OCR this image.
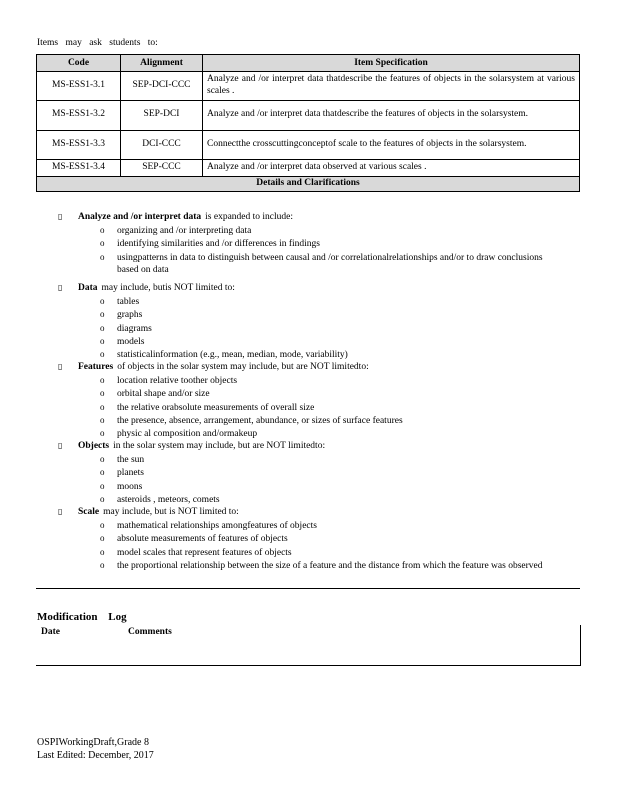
Items may ask students to:
Code	Alignment	Item Specification
MS-ESS1-3.1	SEP-DCI-CCC	Analyze and /or interpret data thatdescribe the features of objects in the solarsystem at various scales .
MS-ESS1-3.2	SEP-DCI	Analyze and /or interpret data thatdescribe the features of objects in the solarsystem.
MS-ESS1-3.3	DCI-CCC	Connectthe crosscuttingconceptof scale to the features of objects in the solarsystem.
MS-ESS1-3.4	SEP-CCC	Analyze and /or interpret data observed at various scales .
Details and Clarifications		
▯	Analyze and /or interpret data is expanded to include:
o	organizing and /or interpreting data
o	identifying similarities and /or differences in findings
o	usingpatterns in data to distinguish between causal and /or correlationalrelationships and/or to draw conclusions based on data
▯	Data may include, butis NOT limited to:
o	tables
o	graphs
o	diagrams
o	models
o	statisticalinformation (e.g., mean, median, mode, variability)
▯	Features of objects in the solar system may include, but are NOT limitedto:
o	location relative toother objects
o	orbital shape and/or size
o	the relative orabsolute measurements of overall size
o	the presence, absence, arrangement, abundance, or sizes of surface features
o	physic al composition and/ormakeup
▯	Objects in the solar system may include, but are NOT limitedto:
o	the sun
o	planets
o	moons
o	asteroids , meteors, comets
▯	Scale may include, but is NOT limited to:
o	mathematical relationships amongfeatures of objects
o	absolute measurements of features of objects
o	model scales that represent features of objects
o	the proportional relationship between the size of a feature and the distance from which the feature was observed
Modification Log
Date	Comments
OSPIWorkingDraft,Grade 8
Last Edited: December, 2017
